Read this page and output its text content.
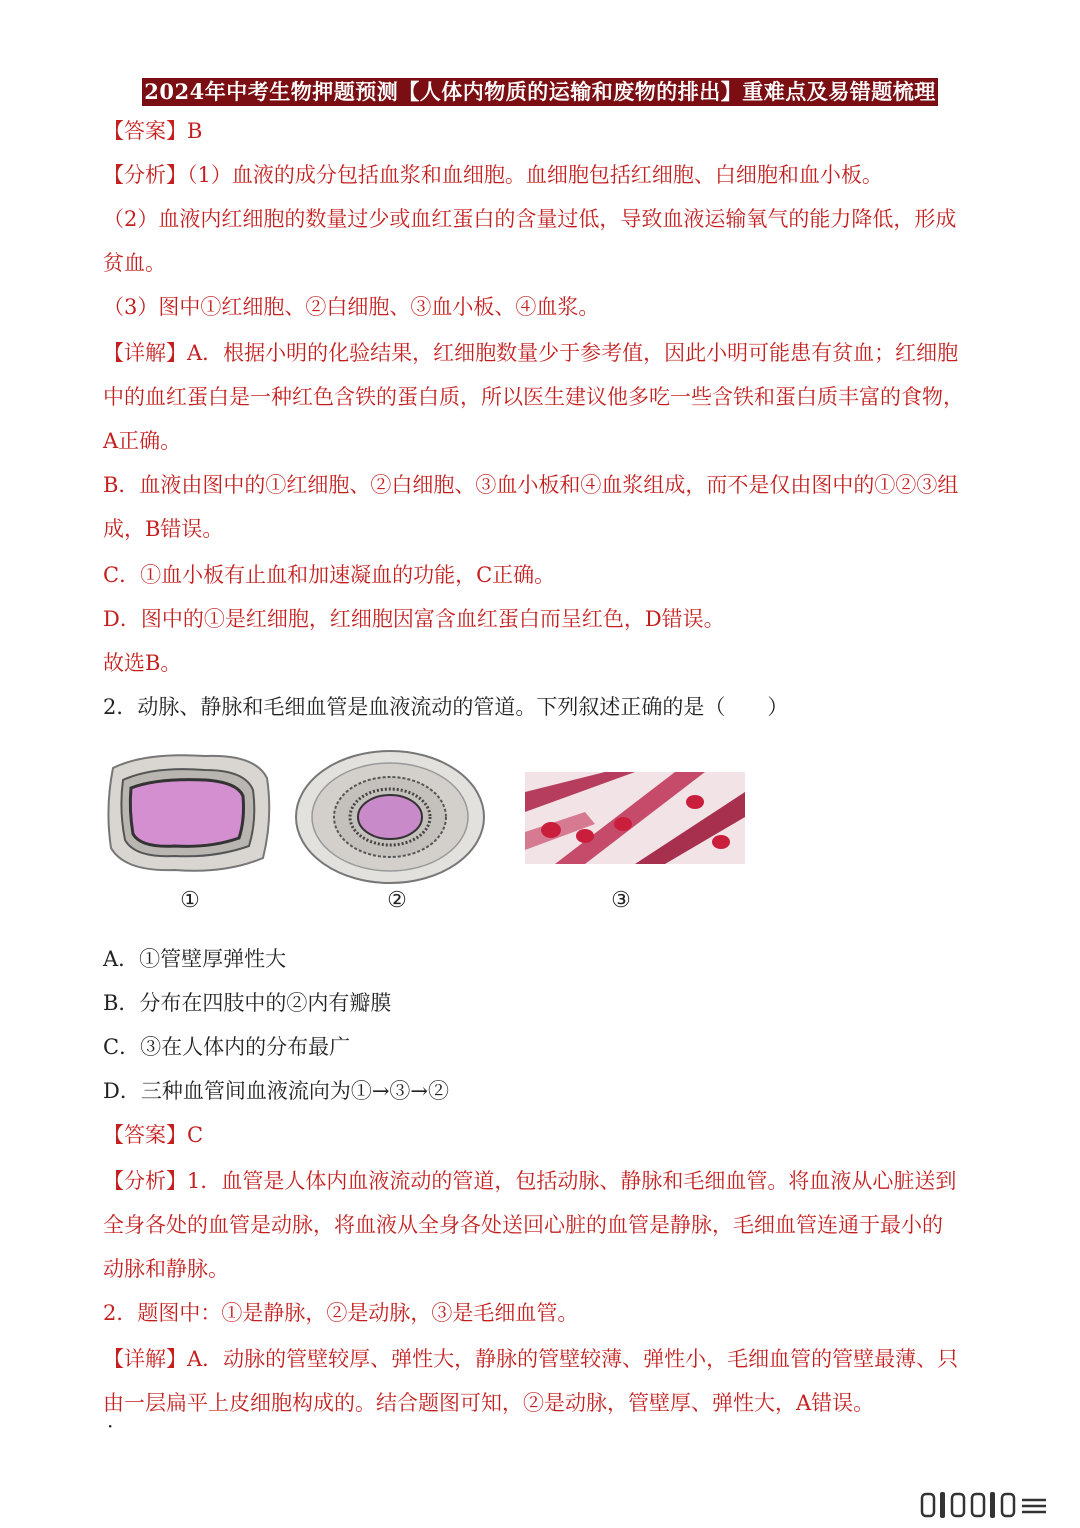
2024年中考生物押题预测【人体内物质的运输和废物的排出】重难点及易错题梳理
【答案】B
【分析】（1）血液的成分包括血浆和血细胞。血细胞包括红细胞、白细胞和血小板。
（2）血液内红细胞的数量过少或血红蛋白的含量过低，导致血液运输氧气的能力降低，形成
贫血。
（3）图中①红细胞、②白细胞、③血小板、④血浆。
【详解】A．根据小明的化验结果，红细胞数量少于参考值，因此小明可能患有贫血；红细胞
中的血红蛋白是一种红色含铁的蛋白质，所以医生建议他多吃一些含铁和蛋白质丰富的食物，
A正确。
B．血液由图中的①红细胞、②白细胞、③血小板和④血浆组成，而不是仅由图中的①②③组
成，B错误。
C．①血小板有止血和加速凝血的功能，C正确。
D．图中的①是红细胞，红细胞因富含血红蛋白而呈红色，D错误。
故选B。
2．动脉、静脉和毛细血管是血液流动的管道。下列叙述正确的是（　　）
①	②	③
A．①管壁厚弹性大
B．分布在四肢中的②内有瓣膜
C．③在人体内的分布最广
D．三种血管间血液流向为①→③→②
【答案】C
【分析】1．血管是人体内血液流动的管道，包括动脉、静脉和毛细血管。将血液从心脏送到
全身各处的血管是动脉，将血液从全身各处送回心脏的血管是静脉，毛细血管连通于最小的
动脉和静脉。
2．题图中：①是静脉，②是动脉，③是毛细血管。
【详解】A．动脉的管壁较厚、弹性大，静脉的管壁较薄、弹性小，毛细血管的管壁最薄、只
由一层扁平上皮细胞构成的。结合题图可知，②是动脉，管壁厚、弹性大，A错误。
·
